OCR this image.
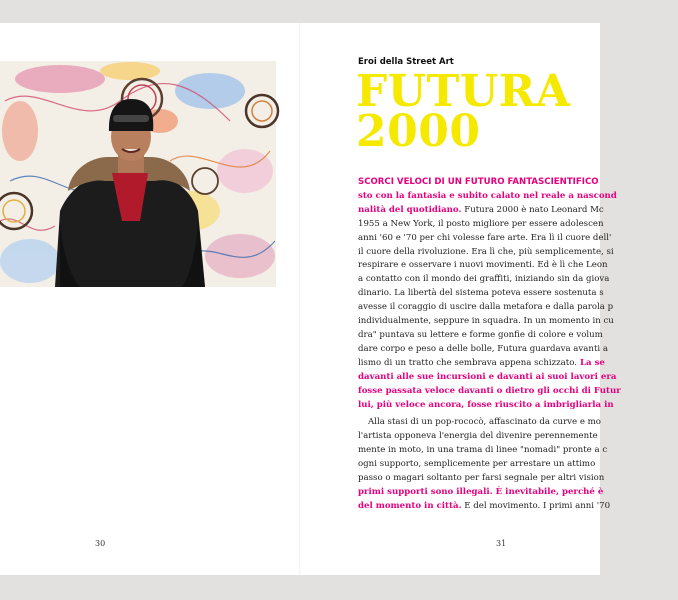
30

Eroi della Street Art

FUTURA
2000

SCORCI VELOCI DI UN FUTURO FANTASCIENTIFICO
sto con la fantasia e subito calato nel reale a nascond
nalità del quotidiano. Futura 2000 è nato Leonard Mc
1955 a New York, il posto migliore per essere adolescen
anni '60 e '70 per chi volesse fare arte. Era lì il cuore dell'
il cuore della rivoluzione. Era lì che, più semplicemente, si
respirare e osservare i nuovi movimenti. Ed è lì che Leon
a contatto con il mondo dei graffiti, iniziando sin da giova
dinario. La libertà del sistema poteva essere sostenuta s
avesse il coraggio di uscire dalla metafora e dalla parola p
individualmente, seppure in squadra. In un momento in cu
dra" puntava su lettere e forme gonfie di colore e volum
dare corpo e peso a delle bolle, Futura guardava avanti a
lismo di un tratto che sembrava appena schizzato. La se
davanti alle sue incursioni e davanti ai suoi lavori era
fosse passata veloce davanti o dietro gli occhi di Futur
lui, più veloce ancora, fosse riuscito a imbrigliarla in

Alla stasi di un pop-rococò, affascinato da curve e mo
l'artista opponeva l'energia del divenire perennemente
mente in moto, in una trama di linee "nomadi" pronte a c
ogni supporto, semplicemente per arrestare un attimo
passo o magari soltanto per farsi segnale per altri vision
primi supporti sono illegali. È inevitabile, perché è
del momento in città. E del movimento. I primi anni '70

31
